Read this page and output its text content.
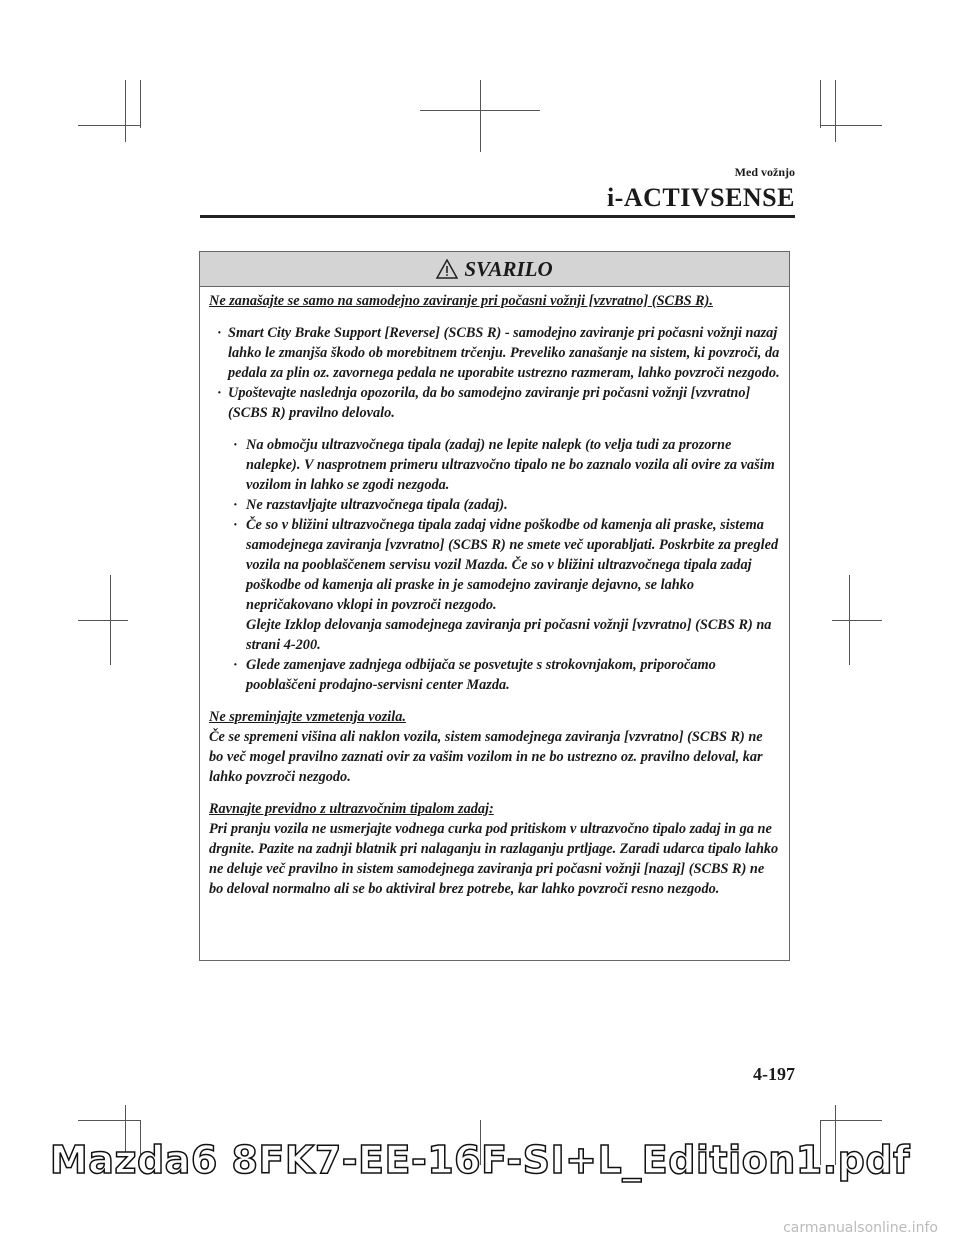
Med vožnjo
i-ACTIVSENSE
SVARILO

Ne zanašajte se samo na samodejno zaviranje pri počasni vožnji [vzvratno] (SCBS R).

· Smart City Brake Support [Reverse] (SCBS R) - samodejno zaviranje pri počasni vožnji nazaj lahko le zmanjša škodo ob morebitnem trčenju. Preveliko zanašanje na sistem, ki povzroči, da pedala za plin oz. zavornega pedala ne uporabite ustrezno razmeram, lahko povzroči nezgodo.
· Upoštevajte naslednja opozorila, da bo samodejno zaviranje pri počasni vožnji [vzvratno] (SCBS R) pravilno delovalo.
· Na območju ultrazvočnega tipala (zadaj) ne lepite nalepk (to velja tudi za prozorne nalepke). V nasprotnem primeru ultrazvočno tipalo ne bo zaznalo vozila ali ovire za vašim vozilom in lahko se zgodi nezgoda.
· Ne razstavljajte ultrazvočnega tipala (zadaj).
· Če so v bližini ultrazvočnega tipala zadaj vidne poškodbe od kamenja ali praske, sistema samodejnega zaviranja [vzvratno] (SCBS R) ne smete več uporabljati. Poskrbite za pregled vozila na pooblaščenem servisu vozil Mazda. Če so v bližini ultrazvočnega tipala zadaj poškodbe od kamenja ali praske in je samodejno zaviranje dejavno, se lahko nepričakovano vklopi in povzroči nezgodo.
Glejte Izklop delovanja samodejnega zaviranja pri počasni vožnji [vzvratno] (SCBS R) na strani 4-200.
· Glede zamenjave zadnjega odbijača se posvetujte s strokovnjakom, priporočamo pooblaščeni prodajno-servisni center Mazda.

Ne spreminjajte vzmetenja vozila.

Če se spremeni višina ali naklon vozila, sistem samodejnega zaviranja [vzvratno] (SCBS R) ne bo več mogel pravilno zaznati ovir za vašim vozilom in ne bo ustrezno oz. pravilno deloval, kar lahko povzroči nezgodo.

Ravnajte previdno z ultrazvočnim tipalom zadaj:

Pri pranju vozila ne usmerjajte vodnega curka pod pritiskom v ultrazvočno tipalo zadaj in ga ne drgnite. Pazite na zadnji blatnik pri nalaganju in razlaganju prtljage. Zaradi udarca tipalo lahko ne deluje več pravilno in sistem samodejnega zaviranja pri počasni vožnji [nazaj] (SCBS R) ne bo deloval normalno ali se bo aktiviral brez potrebe, kar lahko povzroči resno nezgodo.

4-197
Mazda6 8FK7-EE-16F-SI+L_Edition1.pdf
carmanualsonline.info
